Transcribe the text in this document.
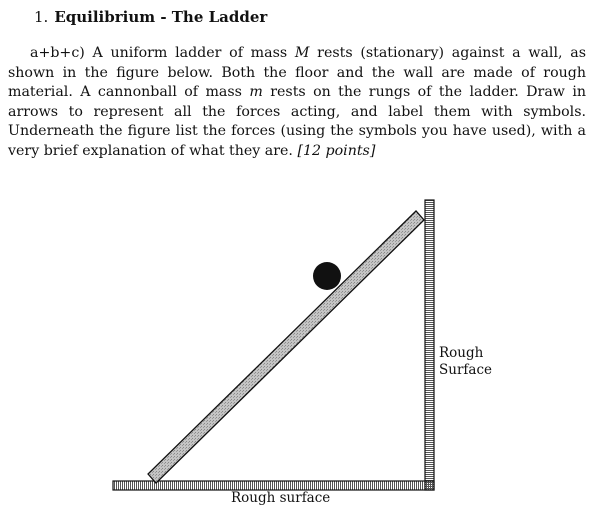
1. Equilibrium - The Ladder
a+b+c) A uniform ladder of mass M rests (stationary) against a wall, as shown in the figure below. Both the floor and the wall are made of rough material. A cannonball of mass m rests on the rungs of the ladder. Draw in arrows to represent all the forces acting, and label them with symbols. Underneath the figure list the forces (using the symbols you have used), with a very brief explanation of what they are. [12 points]
Rough
Surface
Rough surface
